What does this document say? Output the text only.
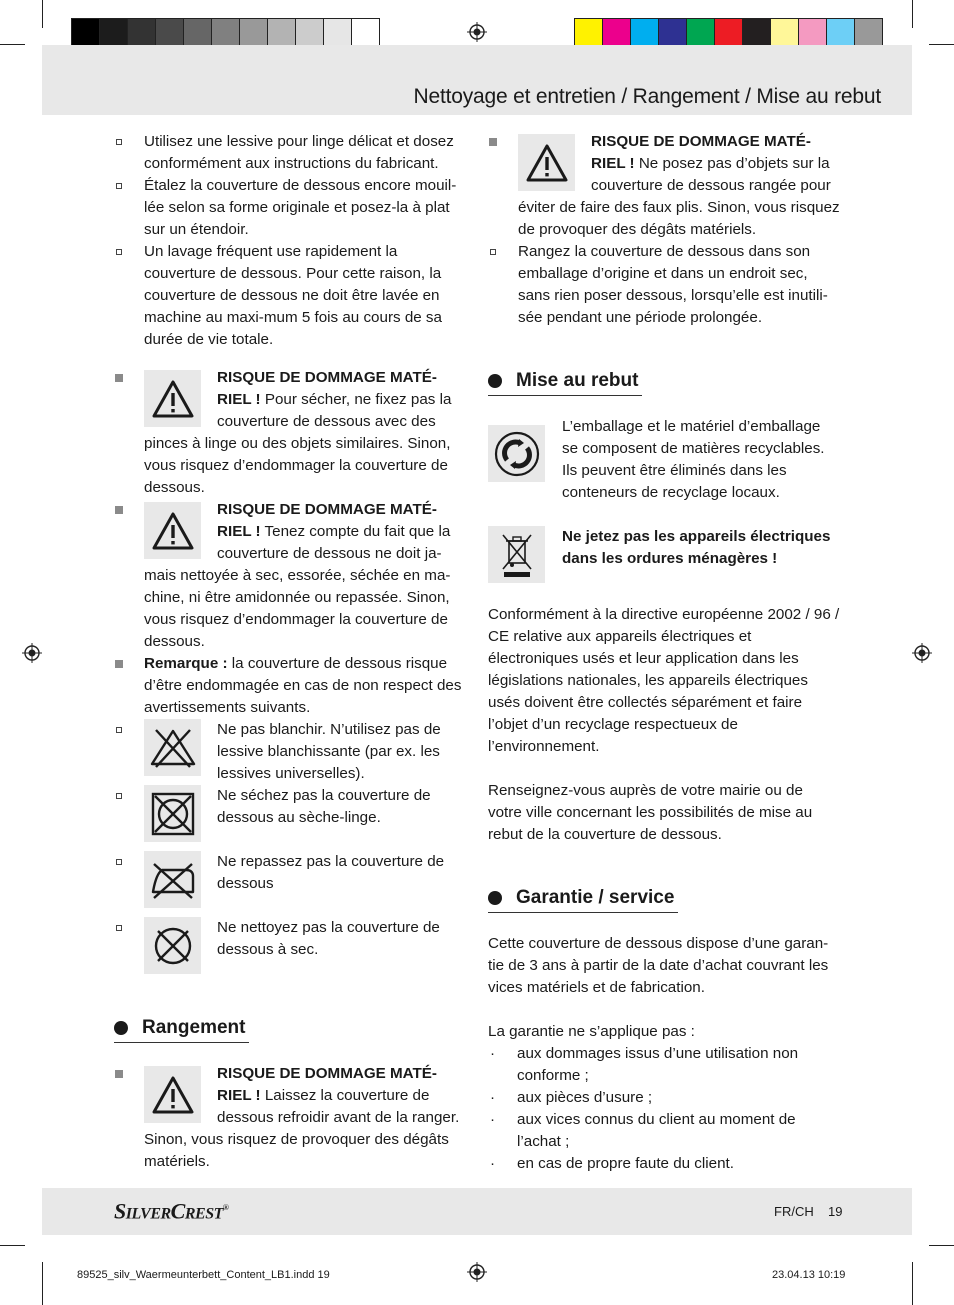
Nettoyage et entretien / Rangement / Mise au rebut
Utilisez une lessive pour linge délicat et dosez conformément aux instructions du fabricant.
Étalez la couverture de dessous encore mouil-lée selon sa forme originale et posez-la à plat sur un étendoir.
Un lavage fréquent use rapidement la couverture de dessous. Pour cette raison, la couverture de dessous ne doit être lavée en machine au maxi-mum 5 fois au cours de sa durée de vie totale.
RISQUE DE DOMMAGE MATÉ-RIEL ! Pour sécher, ne fixez pas la couverture de dessous avec des pinces à linge ou des objets similaires. Sinon, vous risquez d’endommager la couverture de dessous.
RISQUE DE DOMMAGE MATÉ-RIEL ! Tenez compte du fait que la couverture de dessous ne doit ja-mais nettoyée à sec, essorée, séchée en ma-chine, ni être amidonnée ou repassée. Sinon, vous risquez d’endommager la couverture de dessous.
Remarque : la couverture de dessous risque d’être endommagée en cas de non respect des avertissements suivants.
Ne pas blanchir. N’utilisez pas de lessive blanchissante (par ex. les lessives universelles).
Ne séchez pas la couverture de dessous au sèche-linge.
Ne repassez pas la couverture de dessous
Ne nettoyez pas la couverture de dessous à sec.
Rangement
RISQUE DE DOMMAGE MATÉ-RIEL ! Laissez la couverture de dessous refroidir avant de la ranger. Sinon, vous risquez de provoquer des dégâts matériels.
RISQUE DE DOMMAGE MATÉ-RIEL ! Ne posez pas d’objets sur la couverture de dessous rangée pour éviter de faire des faux plis. Sinon, vous risquez de provoquer des dégâts matériels.
Rangez la couverture de dessous dans son emballage d’origine et dans un endroit sec, sans rien poser dessous, lorsqu’elle est inutili-sée pendant une période prolongée.
Mise au rebut
L’emballage et le matériel d’emballage se composent de matières recyclables. Ils peuvent être éliminés dans les conteneurs de recyclage locaux.
Ne jetez pas les appareils électriques dans les ordures ménagères !

Conformément à la directive européenne 2002 / 96 / CE relative aux appareils électriques et électroniques usés et leur application dans les législations nationales, les appareils électriques usés doivent être collectés séparément et faire l’objet d’un recyclage respectueux de l’environnement.

Renseignez-vous auprès de votre mairie ou de votre ville concernant les possibilités de mise au rebut de la couverture de dessous.

Garantie / service

Cette couverture de dessous dispose d’une garan-tie de 3 ans à partir de la date d’achat couvrant les vices matériels et de fabrication.

La garantie ne s’applique pas :

· aux dommages issus d’une utilisation non conforme ;
· aux pièces d’usure ;
· aux vices connus du client au moment de l’achat ;
· en cas de propre faute du client.
SILVERCREST®	FR/CH 19
89525_silv_Waermeunterbett_Content_LB1.indd 19	23.04.13 10:19
